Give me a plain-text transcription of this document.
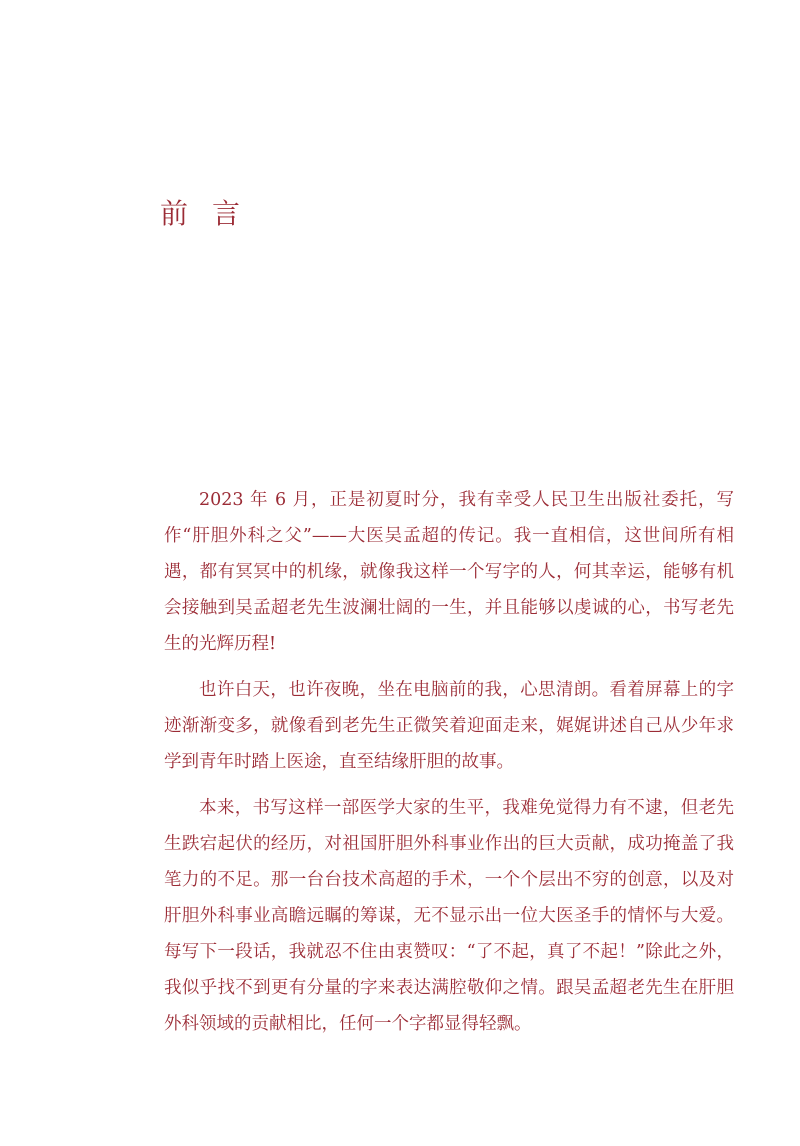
前言

2023 年 6 月，正是初夏时分，我有幸受人民卫生出版社委托，写作“肝胆外科之父”——大医吴孟超的传记。我一直相信，这世间所有相遇，都有冥冥中的机缘，就像我这样一个写字的人，何其幸运，能够有机会接触到吴孟超老先生波澜壮阔的一生，并且能够以虔诚的心，书写老先生的光辉历程!

也许白天，也许夜晚，坐在电脑前的我，心思清朗。看着屏幕上的字迹渐渐变多，就像看到老先生正微笑着迎面走来，娓娓讲述自己从少年求学到青年时踏上医途，直至结缘肝胆的故事。

本来，书写这样一部医学大家的生平，我难免觉得力有不逮，但老先生跌宕起伏的经历，对祖国肝胆外科事业作出的巨大贡献，成功掩盖了我笔力的不足。那一台台技术高超的手术，一个个层出不穷的创意，以及对肝胆外科事业高瞻远瞩的筹谋，无不显示出一位大医圣手的情怀与大爱。每写下一段话，我就忍不住由衷赞叹：“了不起，真了不起！”除此之外，我似乎找不到更有分量的字来表达满腔敬仰之情。跟吴孟超老先生在肝胆外科领域的贡献相比，任何一个字都显得轻飘。
